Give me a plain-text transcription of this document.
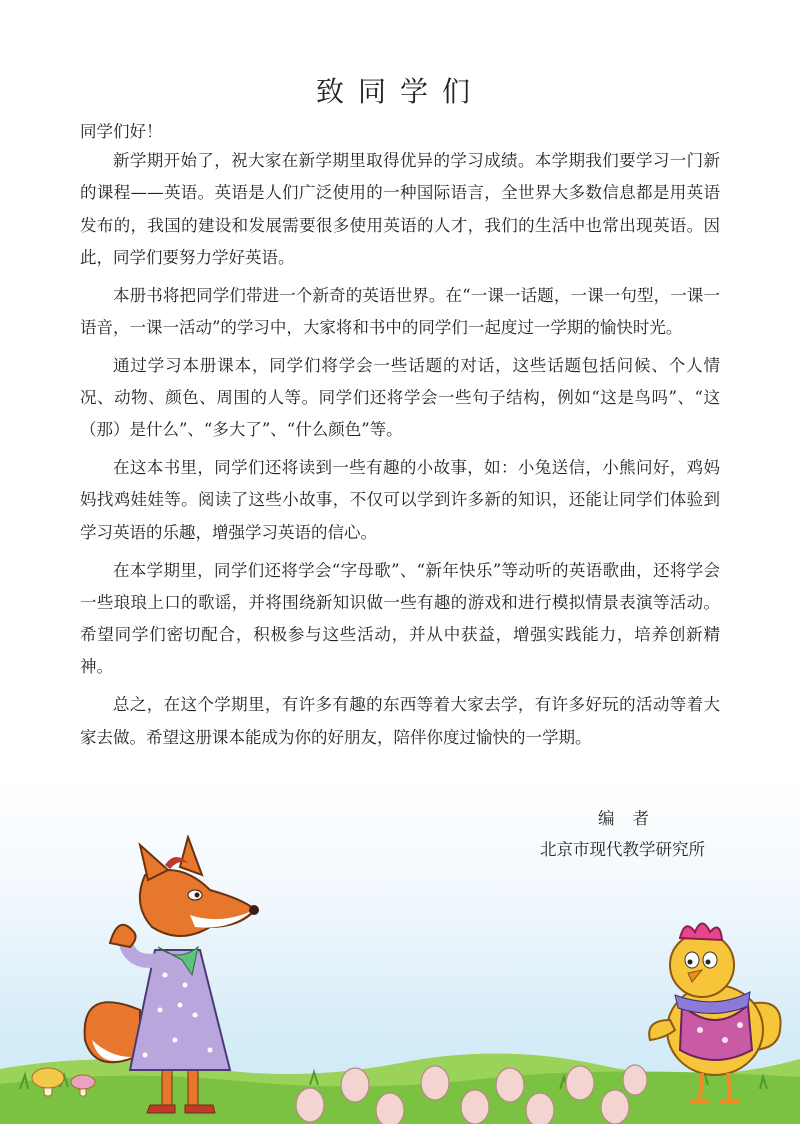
致同学们
同学们好！

新学期开始了，祝大家在新学期里取得优异的学习成绩。本学期我们要学习一门新的课程——英语。英语是人们广泛使用的一种国际语言，全世界大多数信息都是用英语发布的，我国的建设和发展需要很多使用英语的人才，我们的生活中也常出现英语。因此，同学们要努力学好英语。

本册书将把同学们带进一个新奇的英语世界。在“一课一话题，一课一句型，一课一语音，一课一活动”的学习中，大家将和书中的同学们一起度过一学期的愉快时光。

通过学习本册课本，同学们将学会一些话题的对话，这些话题包括问候、个人情况、动物、颜色、周围的人等。同学们还将学会一些句子结构，例如“这是鸟吗”、“这（那）是什么”、“多大了”、“什么颜色”等。

在这本书里，同学们还将读到一些有趣的小故事，如：小兔送信，小熊问好，鸡妈妈找鸡娃娃等。阅读了这些小故事，不仅可以学到许多新的知识，还能让同学们体验到学习英语的乐趣，增强学习英语的信心。

在本学期里，同学们还将学会“字母歌”、“新年快乐”等动听的英语歌曲，还将学会一些琅琅上口的歌谣，并将围绕新知识做一些有趣的游戏和进行模拟情景表演等活动。希望同学们密切配合，积极参与这些活动，并从中获益，增强实践能力，培养创新精神。

总之，在这个学期里，有许多有趣的东西等着大家去学，有许多好玩的活动等着大家去做。希望这册课本能成为你的好朋友，陪伴你度过愉快的一学期。

编者
北京市现代教学研究所
